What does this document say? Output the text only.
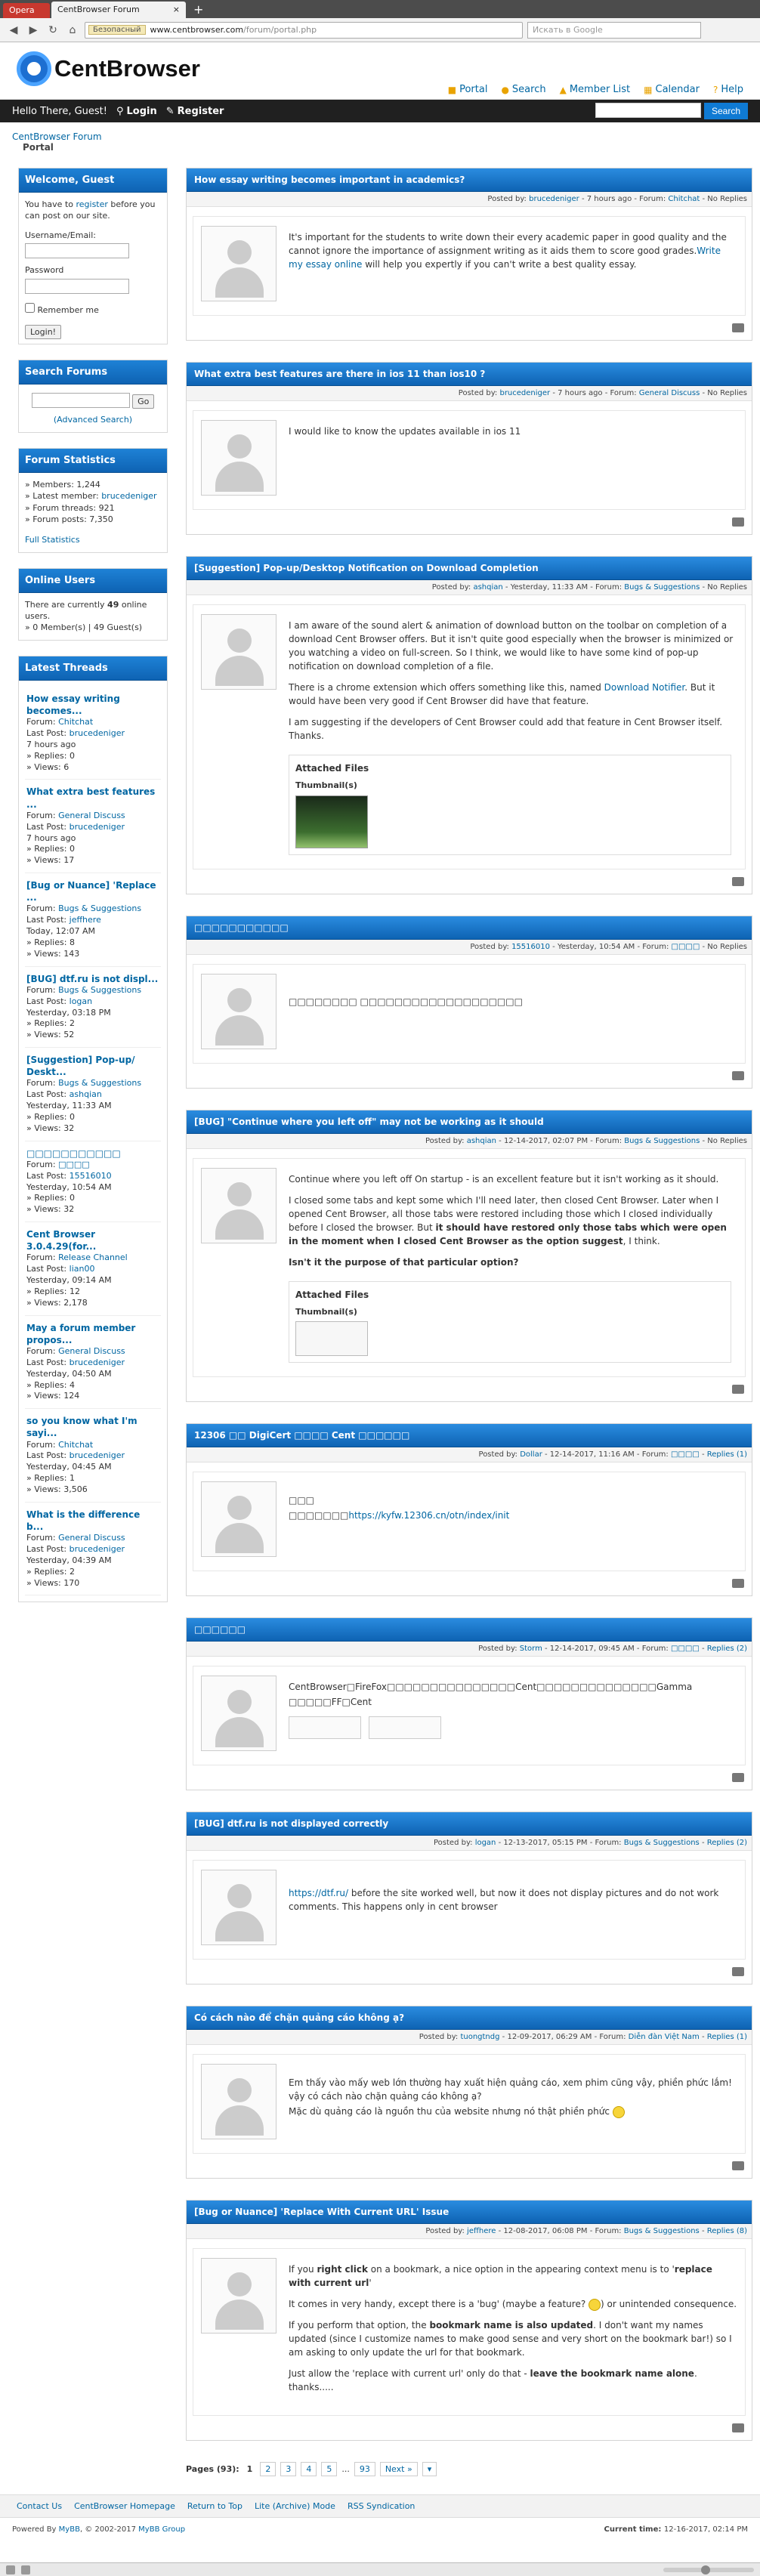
Opera	CentBrowser Forum	×	+
◀	▶	↻	⌂	Безопасный	www.centbrowser.com/forum/portal.php	Искать в Google
CentBrowser
■ Portal ● Search ▲ Member List ▦ Calendar ? Help
Hello There, Guest! ⚲ Login ✎ Register	Search
CentBrowser Forum
Portal
Welcome, Guest
You have to register before you can post on our site.
Username/Email:
Password
Remember me
Login!
Search Forums
Go
(Advanced Search)
Forum Statistics
» Members: 1,244
» Latest member: brucedeniger
» Forum threads: 921
» Forum posts: 7,350
Full Statistics
Online Users
There are currently 49 online users.
» 0 Member(s) | 49 Guest(s)
Latest Threads
How essay writing becomes...
Forum: Chitchat
Last Post: brucedeniger
7 hours ago
» Replies: 0
» Views: 6
What extra best features ...
Forum: General Discuss
Last Post: brucedeniger
7 hours ago
» Replies: 0
» Views: 17
[Bug or Nuance] 'Replace ...
Forum: Bugs & Suggestions
Last Post: jeffhere
Today, 12:07 AM
» Replies: 8
» Views: 143
[BUG] dtf.ru is not displ...
Forum: Bugs & Suggestions
Last Post: logan
Yesterday, 03:18 PM
» Replies: 2
» Views: 52
[Suggestion] Pop-up/ Deskt...
Forum: Bugs & Suggestions
Last Post: ashqian
Yesterday, 11:33 AM
» Replies: 0
» Views: 32
□□□□□□□□□□□
Forum: □□□□
Last Post: 15516010
Yesterday, 10:54 AM
» Replies: 0
» Views: 32
Cent Browser 3.0.4.29(for...
Forum: Release Channel
Last Post: lian00
Yesterday, 09:14 AM
» Replies: 12
» Views: 2,178
May a forum member propos...
Forum: General Discuss
Last Post: brucedeniger
Yesterday, 04:50 AM
» Replies: 4
» Views: 124
so you know what I'm sayi...
Forum: Chitchat
Last Post: brucedeniger
Yesterday, 04:45 AM
» Replies: 1
» Views: 3,506
What is the difference b...
Forum: General Discuss
Last Post: brucedeniger
Yesterday, 04:39 AM
» Replies: 2
» Views: 170
How essay writing becomes important in academics?
Posted by: brucedeniger - 7 hours ago - Forum: Chitchat - No Replies

It's important for the students to write down their every academic paper in good quality and the cannot ignore the importance of assignment writing as it aids them to score good grades.Write my essay online will help you expertly if you can't write a best quality essay.

What extra best features are there in ios 11 than ios10 ?
Posted by: brucedeniger - 7 hours ago - Forum: General Discuss - No Replies

I would like to know the updates available in ios 11

[Suggestion] Pop-up/Desktop Notification on Download Completion
Posted by: ashqian - Yesterday, 11:33 AM - Forum: Bugs & Suggestions - No Replies

I am aware of the sound alert & animation of download button on the toolbar on completion of a download Cent Browser offers. But it isn't quite good especially when the browser is minimized or you watching a video on full-screen. So I think, we would like to have some kind of pop-up notification on download completion of a file.

There is a chrome extension which offers something like this, named Download Notifier. But it would have been very good if Cent Browser did have that feature.

I am suggesting if the developers of Cent Browser could add that feature in Cent Browser itself. Thanks.

Attached Files
Thumbnail(s)
□□□□□□□□□□□
Posted by: 15516010 - Yesterday, 10:54 AM - Forum: □□□□ - No Replies

□□□□□□□□ □□□□□□□□□□□□□□□□□□□

[BUG] "Continue where you left off" may not be working as it should
Posted by: ashqian - 12-14-2017, 02:07 PM - Forum: Bugs & Suggestions - No Replies

Continue where you left off On startup - is an excellent feature but it isn't working as it should.

I closed some tabs and kept some which I'll need later, then closed Cent Browser. Later when I opened Cent Browser, all those tabs were restored including those which I closed individually before I closed the browser. But it should have restored only those tabs which were open in the moment when I closed Cent Browser as the option suggest, I think.

Isn't it the purpose of that particular option?

Attached Files
Thumbnail(s)
12306 □□ DigiCert □□□□ Cent □□□□□□
Posted by: Dollar - 12-14-2017, 11:16 AM - Forum: □□□□ - Replies (1)

□□□

□□□□□□□https://kyfw.12306.cn/otn/index/init

□□□□□□
Posted by: Storm - 12-14-2017, 09:45 AM - Forum: □□□□ - Replies (2)

CentBrowser□FireFox□□□□□□□□□□□□□□□Cent□□□□□□□□□□□□□□Gamma

□□□□□FF□Cent

[BUG] dtf.ru is not displayed correctly
Posted by: logan - 12-13-2017, 05:15 PM - Forum: Bugs & Suggestions - Replies (2)

https://dtf.ru/ before the site worked well, but now it does not display pictures and do not work comments. This happens only in cent browser

Có cách nào để chặn quảng cáo không ạ?
Posted by: tuongtndg - 12-09-2017, 06:29 AM - Forum: Diễn đàn Việt Nam - Replies (1)

Em thấy vào mấy web lớn thường hay xuất hiện quảng cáo, xem phim cũng vậy, phiền phức lắm! vậy có cách nào chặn quảng cáo không ạ?

Mặc dù quảng cáo là nguồn thu của website nhưng nó thật phiền phức

[Bug or Nuance] 'Replace With Current URL' Issue
Posted by: jeffhere - 12-08-2017, 06:08 PM - Forum: Bugs & Suggestions - Replies (8)

If you right click on a bookmark, a nice option in the appearing context menu is to 'replace with current url'

It comes in very handy, except there is a 'bug' (maybe a feature? ) or unintended consequence.

If you perform that option, the bookmark name is also updated. I don't want my names updated (since I customize names to make good sense and very short on the bookmark bar!) so I am asking to only update the url for that bookmark.

Just allow the 'replace with current url' only do that - leave the bookmark name alone. thanks.....

Pages (93): 1	2	3	4	5	...	93	Next »	▾
Contact Us CentBrowser Homepage Return to Top Lite (Archive) Mode RSS Syndication
Powered By MyBB, © 2002-2017 MyBB Group	Current time: 12-16-2017, 02:14 PM
